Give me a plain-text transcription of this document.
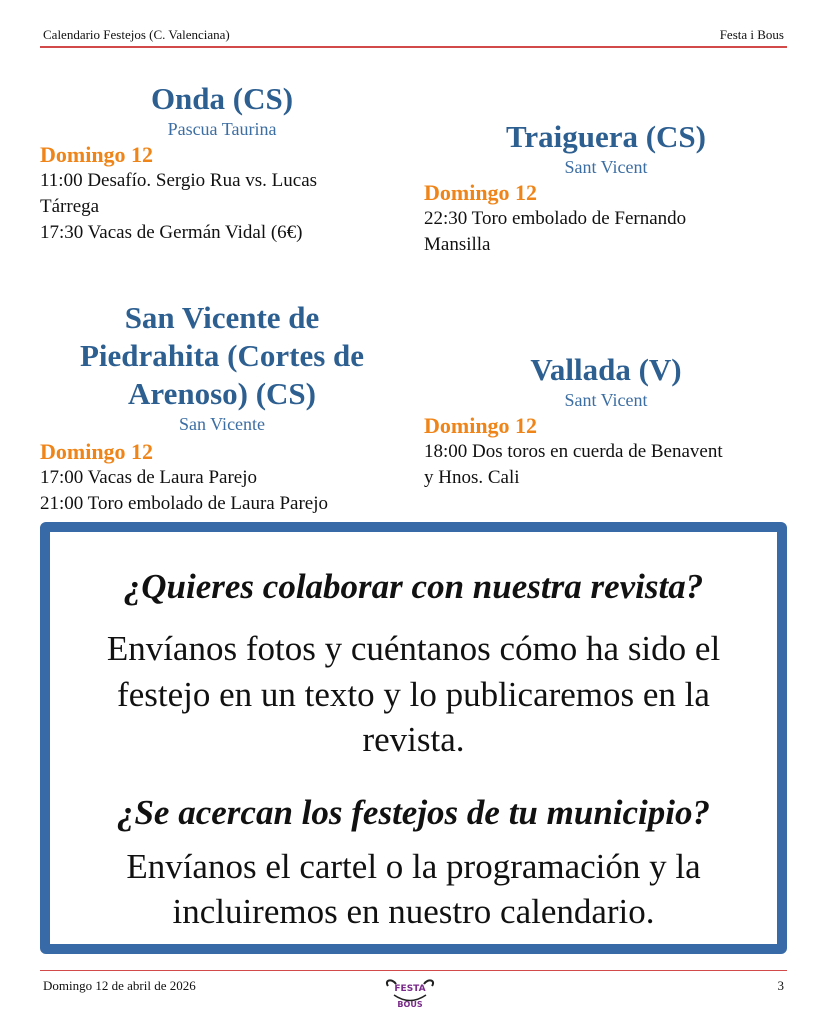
Calendario Festejos (C. Valenciana)	Festa i Bous
Onda (CS)
Pascua Taurina
Domingo 12
11:00 Desafío. Sergio Rua vs. Lucas
Tárrega
17:30 Vacas de Germán Vidal (6€)
Traiguera (CS)
Sant Vicent
Domingo 12
22:30 Toro embolado de Fernando
Mansilla
San Vicente de
Piedrahita (Cortes de
Arenoso) (CS)
San Vicente
Domingo 12
17:00 Vacas de Laura Parejo
21:00 Toro embolado de Laura Parejo
Vallada (V)
Sant Vicent
Domingo 12
18:00 Dos toros en cuerda de Benavent
y Hnos. Cali
¿Quieres colaborar con nuestra revista?
Envíanos fotos y cuéntanos cómo ha sido el
festejo en un texto y lo publicaremos en la
revista.
¿Se acercan los festejos de tu municipio?
Envíanos el cartel o la programación y la
incluiremos en nuestro calendario.
Domingo 12 de abril de 2026	3
FESTA
BOUS
